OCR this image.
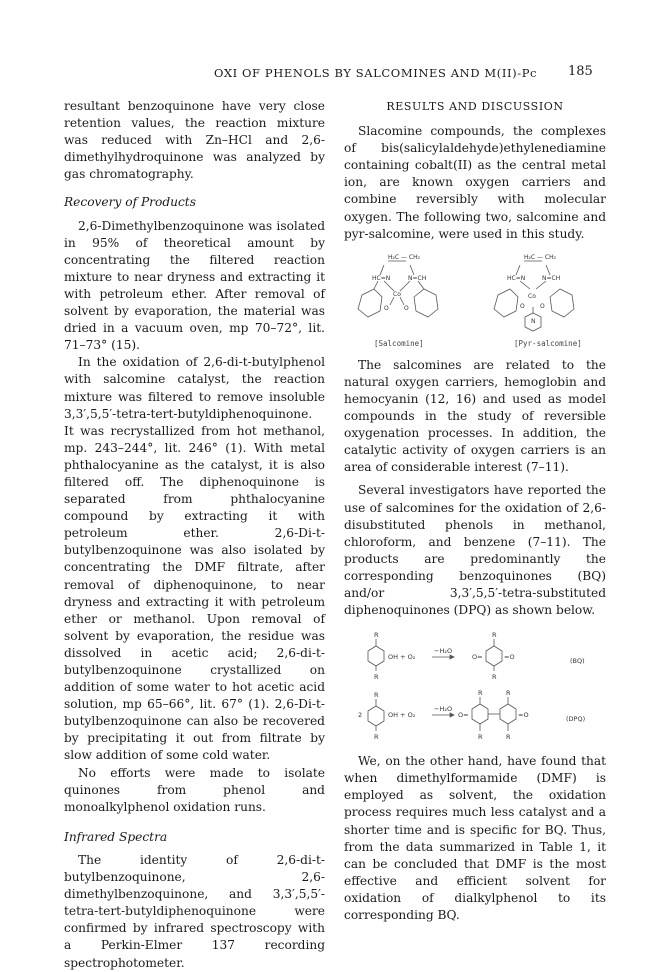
OXI OF PHENOLS BY SALCOMINES AND M(II)-Pc 185

resultant benzoquinone have very close retention values, the reaction mixture was reduced with Zn–HCl and 2,6-dimethylhydroquinone was analyzed by gas chromatography.

Recovery of Products

2,6-Dimethylbenzoquinone was isolated in 95% of theoretical amount by concentrating the filtered reaction mixture to near dryness and extracting it with petroleum ether. After removal of solvent by evaporation, the material was dried in a vacuum oven, mp 70–72°, lit. 71–73° (15).

In the oxidation of 2,6-di-t-butylphenol with salcomine catalyst, the reaction mixture was filtered to remove insoluble 3,3′,5,5′-tetra-tert-butyldiphenoquinone. It was recrystallized from hot methanol, mp. 243–244°, lit. 246° (1). With metal phthalocyanine as the catalyst, it is also filtered off. The diphenoquinone is separated from phthalocyanine compound by extracting it with petroleum ether. 2,6-Di-t-butylbenzoquinone was also isolated by concentrating the DMF filtrate, after removal of diphenoquinone, to near dryness and extracting it with petroleum ether or methanol. Upon removal of solvent by evaporation, the residue was dissolved in acetic acid; 2,6-di-t-butylbenzoquinone crystallized on addition of some water to hot acetic acid solution, mp 65–66°, lit. 67° (1). 2,6-Di-t-butylbenzoquinone can also be recovered by precipitating it out from filtrate by slow addition of some cold water.

No efforts were made to isolate quinones from phenol and monoalkylphenol oxidation runs.

Infrared Spectra

The identity of 2,6-di-t-butylbenzoquinone, 2,6-dimethylbenzoquinone, and 3,3′,5,5′-tetra-tert-butyldiphenoquinone were confirmed by infrared spectroscopy with a Perkin-Elmer 137 recording spectrophotometer.

RESULTS AND DISCUSSION

Slacomine compounds, the complexes of bis(salicylaldehyde)ethylenediamine containing cobalt(II) as the central metal ion, are known oxygen carriers and combine reversibly with molecular oxygen. The following two, salcomine and pyr-salcomine, were used in this study.

H₂C — CH₂
HC=N	N=CH
Co
O	O
H₂C — CH₂
HC=N	N=CH
Co
O	O
N
[Salcomine]	[Pyr-salcomine]

The salcomines are related to the natural oxygen carriers, hemoglobin and hemocyanin (12, 16) and used as model compounds in the study of reversible oxygenation processes. In addition, the catalytic activity of oxygen carriers is an area of considerable interest (7–11).

Several investigators have reported the use of salcomines for the oxidation of 2,6-disubstituted phenols in methanol, chloroform, and benzene (7–11). The products are predominantly the corresponding benzoquinones (BQ) and/or 3,3′,5,5′-tetra-substituted diphenoquinones (DPQ) as shown below.

R
R
OH + O₂
−H₂O
O=	=O
R
R
2
R
R
OH + O₂
−H₂O
O=	=O
R	R
R	R
(BQ)
(DPQ)

We, on the other hand, have found that when dimethylformamide (DMF) is employed as solvent, the oxidation process requires much less catalyst and a shorter time and is specific for BQ. Thus, from the data summarized in Table 1, it can be concluded that DMF is the most effective and efficient solvent for oxidation of dialkylphenol to its corresponding BQ.
